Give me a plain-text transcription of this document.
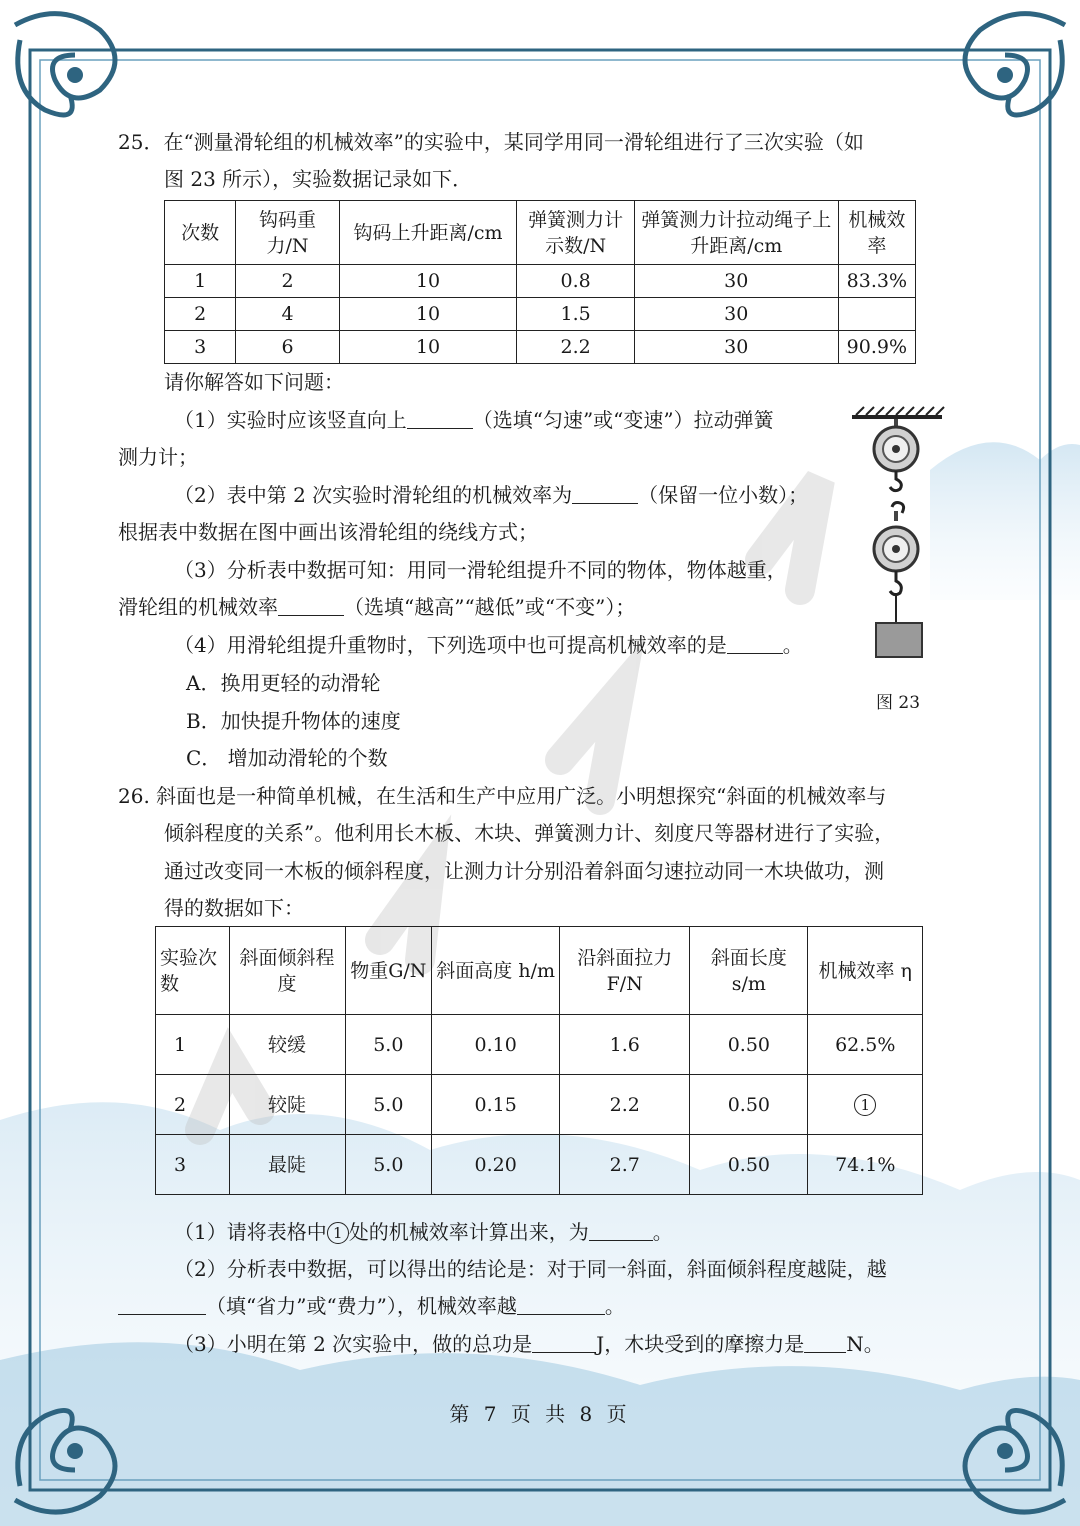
25．在“测量滑轮组的机械效率”的实验中，某同学用同一滑轮组进行了三次实验（如
图 23 所示），实验数据记录如下．
次数	钩码重力/N	钩码上升距离/cm	弹簧测力计示数/N	弹簧测力计拉动绳子上升距离/cm	机械效率
1	2	10	0.8	30	83.3%
2	4	10	1.5	30	
3	6	10	2.2	30	90.9%
请你解答如下问题：
（1）实验时应该竖直向上	（选填“匀速”或“变速”）拉动弹簧
测力计；
（2）表中第 2 次实验时滑轮组的机械效率为	（保留一位小数）；
根据表中数据在图中画出该滑轮组的绕线方式；
（3）分析表中数据可知：用同一滑轮组提升不同的物体，物体越重，
滑轮组的机械效率	（选填“越高”“越低”或“不变”）；
（4）用滑轮组提升重物时，下列选项中也可提高机械效率的是	。
A．换用更轻的动滑轮
B．加快提升物体的速度
C． 增加动滑轮的个数
26. 斜面也是一种简单机械，在生活和生产中应用广泛。小明想探究“斜面的机械效率与
倾斜程度的关系”。他利用长木板、木块、弹簧测力计、刻度尺等器材进行了实验，
通过改变同一木板的倾斜程度，让测力计分别沿着斜面匀速拉动同一木块做功，测
得的数据如下：
实验次数	斜面倾斜程度	物重G/N	斜面高度 h/m	沿斜面拉力 F/N	斜面长度 s/m	机械效率 η
1	较缓	5.0	0.10	1.6	0.50	62.5%
2	较陡	5.0	0.15	2.2	0.50	1
3	最陡	5.0	0.20	2.7	0.50	74.1%
（1）请将表格中 1 处的机械效率计算出来，为	。
（2）分析表中数据，可以得出的结论是：对于同一斜面，斜面倾斜程度越陡，越
（填“省力”或“费力”），机械效率越	。
（3）小明在第 2 次实验中，做的总功是	J，木块受到的摩擦力是 N。
图 23
第 7 页 共 8 页
